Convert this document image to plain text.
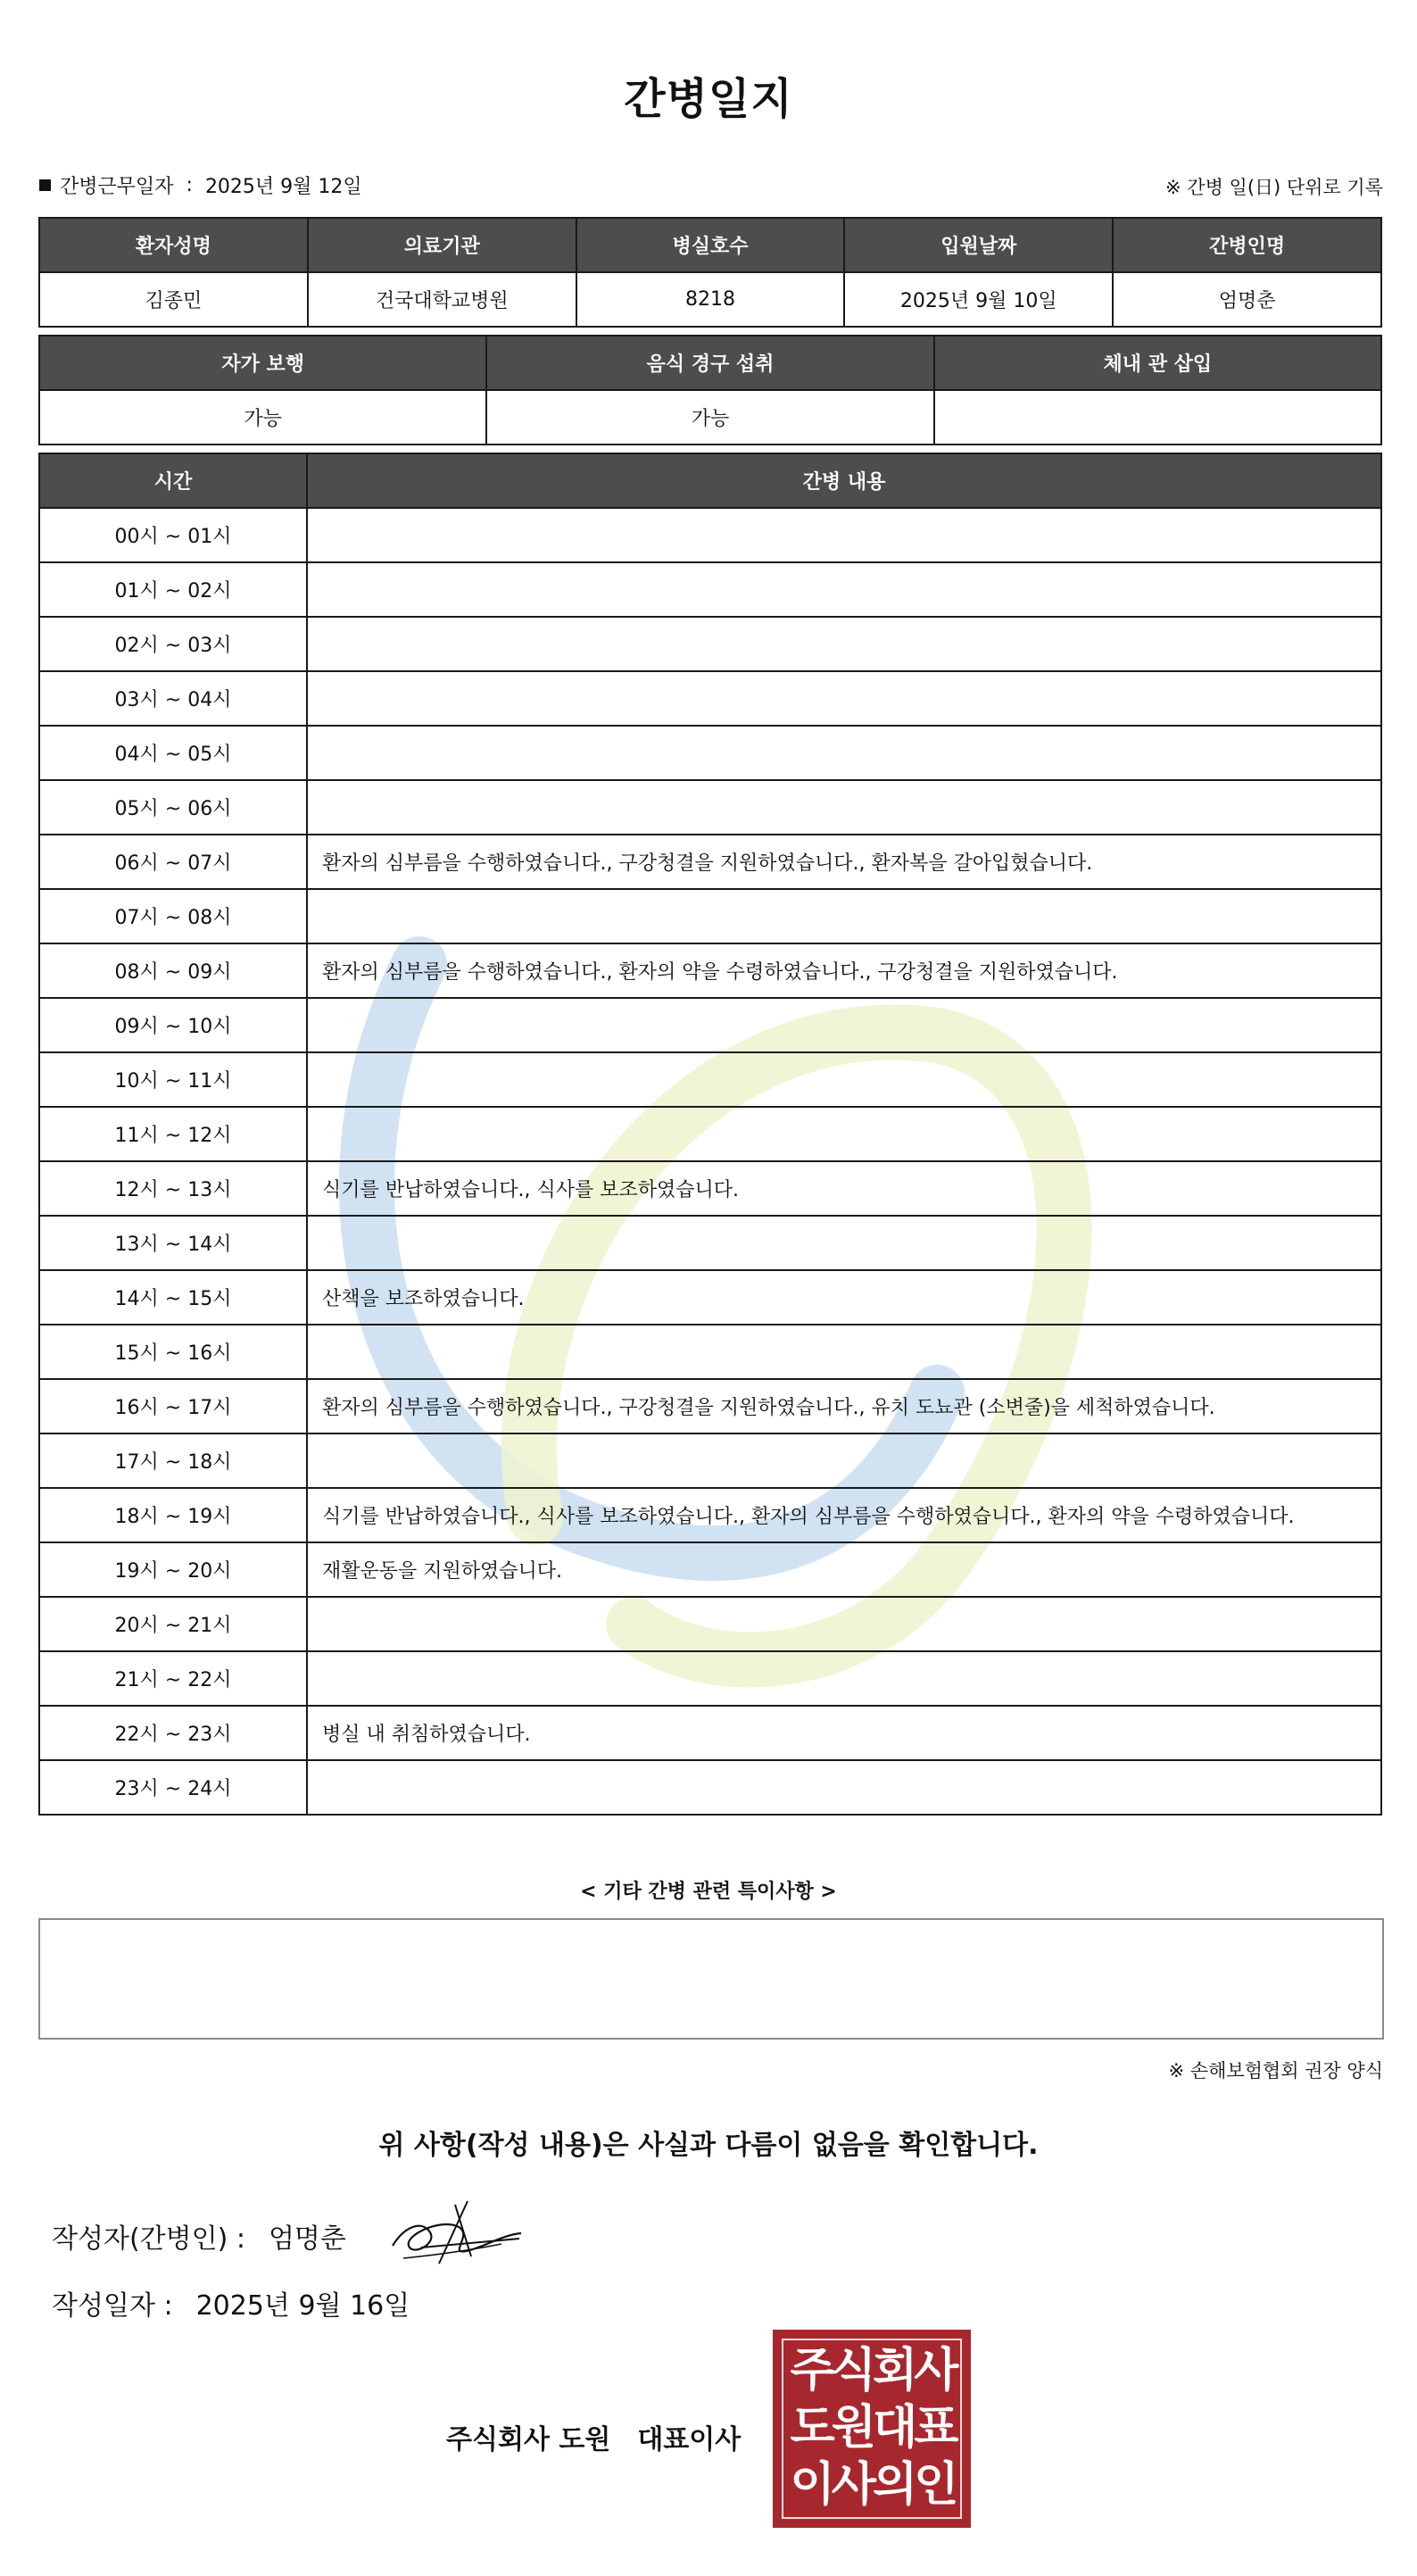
간병일지
간병근무일자 : 2025년 9월 12일	※ 간병 일(日) 단위로 기록
환자성명	의료기관	병실호수	입원날짜	간병인명
김종민	건국대학교병원	8218	2025년 9월 10일	엄명춘
자가 보행	음식 경구 섭취	체내 관 삽입
가능	가능	
시간	간병 내용
00시 ~ 01시	
01시 ~ 02시	
02시 ~ 03시	
03시 ~ 04시	
04시 ~ 05시	
05시 ~ 06시	
06시 ~ 07시	환자의 심부름을 수행하였습니다., 구강청결을 지원하였습니다., 환자복을 갈아입혔습니다.
07시 ~ 08시	
08시 ~ 09시	환자의 심부름을 수행하였습니다., 환자의 약을 수령하였습니다., 구강청결을 지원하였습니다.
09시 ~ 10시	
10시 ~ 11시	
11시 ~ 12시	
12시 ~ 13시	식기를 반납하였습니다., 식사를 보조하였습니다.
13시 ~ 14시	
14시 ~ 15시	산책을 보조하였습니다.
15시 ~ 16시	
16시 ~ 17시	환자의 심부름을 수행하였습니다., 구강청결을 지원하였습니다., 유치 도뇨관 (소변줄)을 세척하였습니다.
17시 ~ 18시	
18시 ~ 19시	식기를 반납하였습니다., 식사를 보조하였습니다., 환자의 심부름을 수행하였습니다., 환자의 약을 수령하였습니다.
19시 ~ 20시	재활운동을 지원하였습니다.
20시 ~ 21시	
21시 ~ 22시	
22시 ~ 23시	병실 내 취침하였습니다.
23시 ~ 24시	
< 기타 간병 관련 특이사항 >
※ 손해보험협회 권장 양식
위 사항(작성 내용)은 사실과 다름이 없음을 확인합니다.
작성자(간병인) : 엄명춘
작성일자 : 2025년 9월 16일
주식회사 도원 대표이사
주식회사
도원대표
이사의인
